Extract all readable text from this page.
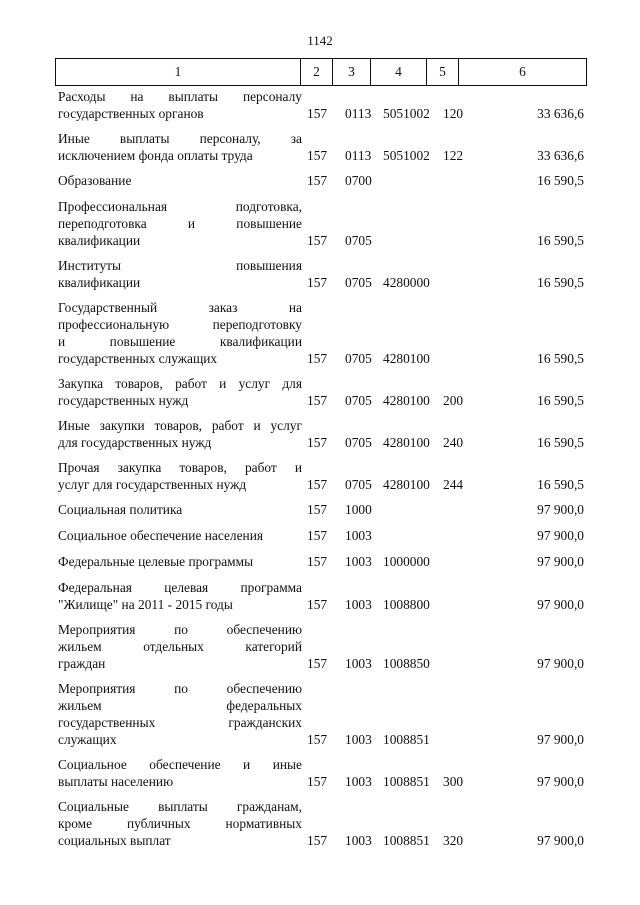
1142
1	2	3	4	5	6
Расходы на выплаты персоналу
государственных органов	157 0113 5051002 120	33 636,6
Иные выплаты персоналу, за
исключением фонда оплаты труда	157 0113 5051002 122	33 636,6
Образование	157 0700	16 590,5
Профессиональная подготовка,
переподготовка и повышение
квалификации	157 0705	16 590,5
Институты повышения
квалификации	157 0705 4280000	16 590,5
Государственный заказ на
профессиональную переподготовку
и повышение квалификации
государственных служащих	157 0705 4280100	16 590,5
Закупка товаров, работ и услуг для
государственных нужд	157 0705 4280100 200	16 590,5
Иные закупки товаров, работ и услуг
для государственных нужд	157 0705 4280100 240	16 590,5
Прочая закупка товаров, работ и
услуг для государственных нужд	157 0705 4280100 244	16 590,5
Социальная политика	157 1000	97 900,0
Социальное обеспечение населения	157 1003	97 900,0
Федеральные целевые программы	157 1003 1000000	97 900,0
Федеральная целевая программа
"Жилище" на 2011 - 2015 годы	157 1003 1008800	97 900,0
Мероприятия по обеспечению
жильем отдельных категорий
граждан	157 1003 1008850	97 900,0
Мероприятия по обеспечению
жильем федеральных
государственных гражданских
служащих	157 1003 1008851	97 900,0
Социальное обеспечение и иные
выплаты населению	157 1003 1008851 300	97 900,0
Социальные выплаты гражданам,
кроме публичных нормативных
социальных выплат	157 1003 1008851 320	97 900,0
